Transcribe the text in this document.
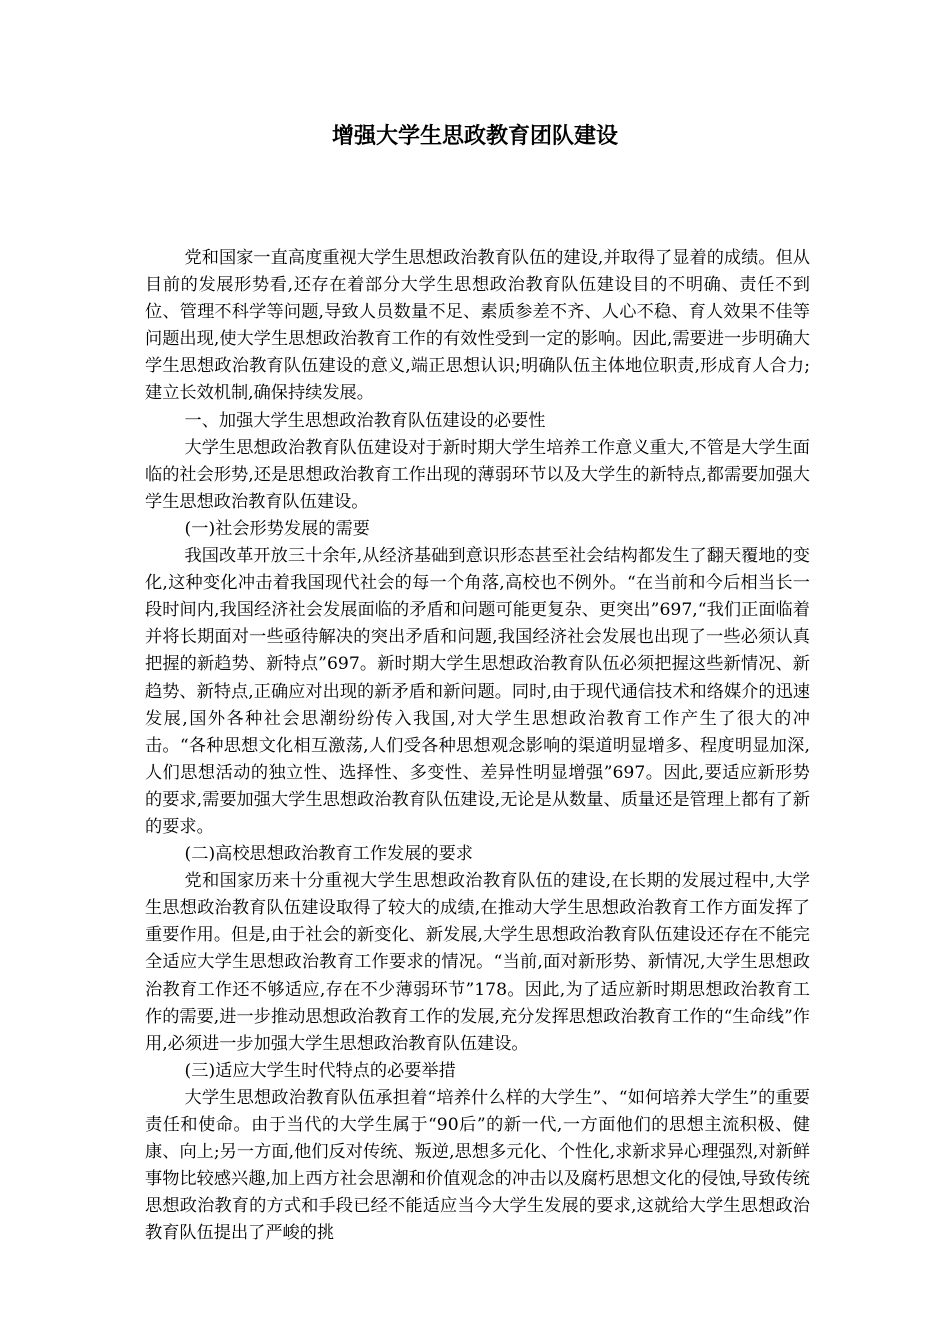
增强大学生思政教育团队建设

党和国家一直高度重视大学生思想政治教育队伍的建设,并取得了显着的成绩。但从目前的发展形势看,还存在着部分大学生思想政治教育队伍建设目的不明确、责任不到位、管理不科学等问题,导致人员数量不足、素质参差不齐、人心不稳、育人效果不佳等问题出现,使大学生思想政治教育工作的有效性受到一定的影响。因此,需要进一步明确大学生思想政治教育队伍建设的意义,端正思想认识;明确队伍主体地位职责,形成育人合力;建立长效机制,确保持续发展。

一、加强大学生思想政治教育队伍建设的必要性

大学生思想政治教育队伍建设对于新时期大学生培养工作意义重大,不管是大学生面临的社会形势,还是思想政治教育工作出现的薄弱环节以及大学生的新特点,都需要加强大学生思想政治教育队伍建设。

(一)社会形势发展的需要

我国改革开放三十余年,从经济基础到意识形态甚至社会结构都发生了翻天覆地的变化,这种变化冲击着我国现代社会的每一个角落,高校也不例外。“在当前和今后相当长一段时间内,我国经济社会发展面临的矛盾和问题可能更复杂、更突出”697,“我们正面临着并将长期面对一些亟待解决的突出矛盾和问题,我国经济社会发展也出现了一些必须认真把握的新趋势、新特点”697。新时期大学生思想政治教育队伍必须把握这些新情况、新趋势、新特点,正确应对出现的新矛盾和新问题。同时,由于现代通信技术和络媒介的迅速发展,国外各种社会思潮纷纷传入我国,对大学生思想政治教育工作产生了很大的冲击。“各种思想文化相互激荡,人们受各种思想观念影响的渠道明显增多、程度明显加深,人们思想活动的独立性、选择性、多变性、差异性明显增强”697。因此,要适应新形势的要求,需要加强大学生思想政治教育队伍建设,无论是从数量、质量还是管理上都有了新的要求。

(二)高校思想政治教育工作发展的要求

党和国家历来十分重视大学生思想政治教育队伍的建设,在长期的发展过程中,大学生思想政治教育队伍建设取得了较大的成绩,在推动大学生思想政治教育工作方面发挥了重要作用。但是,由于社会的新变化、新发展,大学生思想政治教育队伍建设还存在不能完全适应大学生思想政治教育工作要求的情况。“当前,面对新形势、新情况,大学生思想政治教育工作还不够适应,存在不少薄弱环节”178。因此,为了适应新时期思想政治教育工作的需要,进一步推动思想政治教育工作的发展,充分发挥思想政治教育工作的“生命线”作用,必须进一步加强大学生思想政治教育队伍建设。

(三)适应大学生时代特点的必要举措

大学生思想政治教育队伍承担着“培养什么样的大学生”、“如何培养大学生”的重要责任和使命。由于当代的大学生属于“90后”的新一代,一方面他们的思想主流积极、健康、向上;另一方面,他们反对传统、叛逆,思想多元化、个性化,求新求异心理强烈,对新鲜事物比较感兴趣,加上西方社会思潮和价值观念的冲击以及腐朽思想文化的侵蚀,导致传统思想政治教育的方式和手段已经不能适应当今大学生发展的要求,这就给大学生思想政治教育队伍提出了严峻的挑
